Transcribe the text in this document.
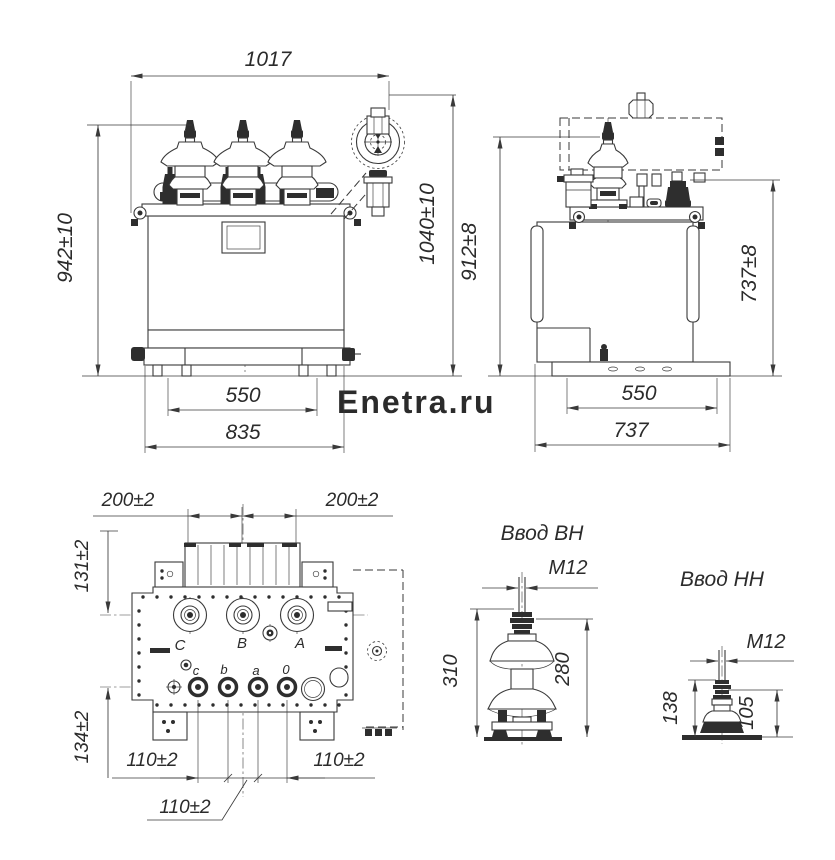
Enetra.ru
1017
942±10	1040±10
550
835
912±8	737±8
550
737
C	B	A
c b a 0
200±2	200±2
131±2
134±2 110±2	110±2
110±2
Ввод ВН
M12
310	280
Ввод НН
M12
138	105
